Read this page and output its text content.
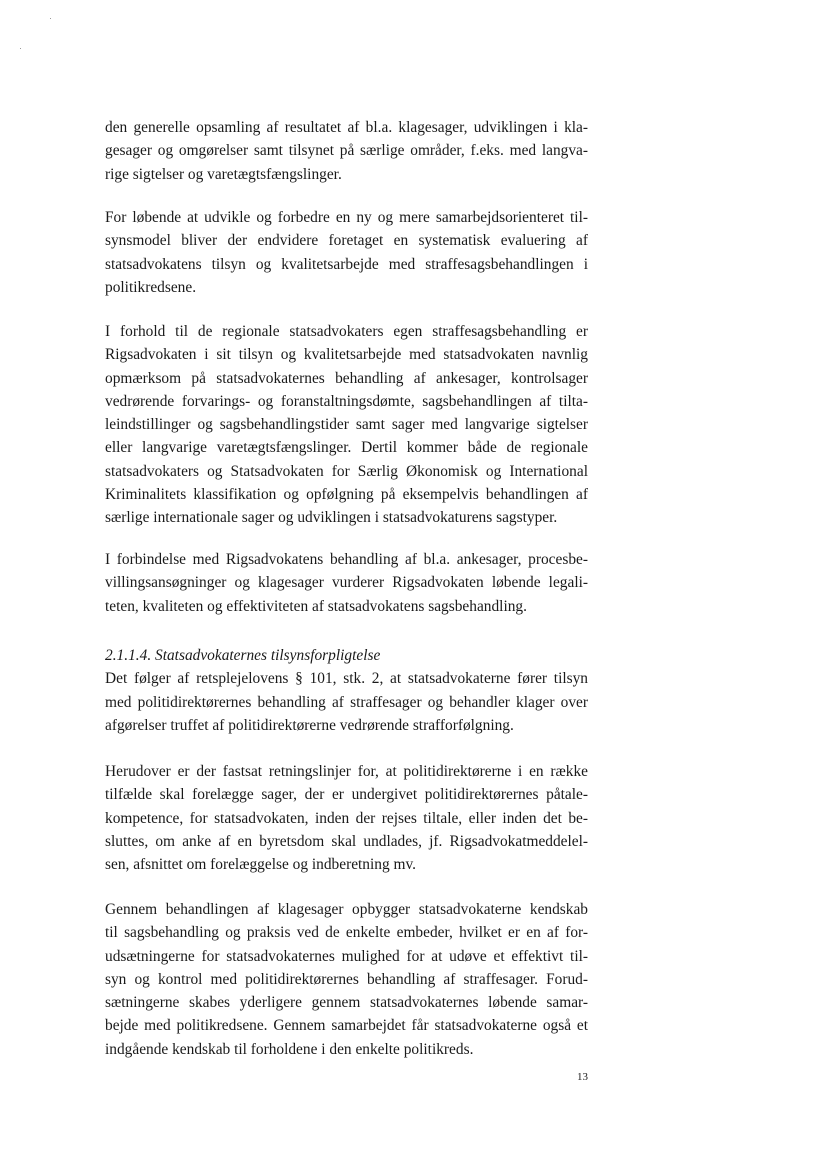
den generelle opsamling af resultatet af bl.a. klagesager, udviklingen i kla-
gesager og omgørelser samt tilsynet på særlige områder, f.eks. med langva-
rige sigtelser og varetægtsfængslinger.
For løbende at udvikle og forbedre en ny og mere samarbejdsorienteret til-
synsmodel bliver der endvidere foretaget en systematisk evaluering af
statsadvokatens tilsyn og kvalitetsarbejde med straffesagsbehandlingen i
politikredsene.
I forhold til de regionale statsadvokaters egen straffesagsbehandling er
Rigsadvokaten i sit tilsyn og kvalitetsarbejde med statsadvokaten navnlig
opmærksom på statsadvokaternes behandling af ankesager, kontrolsager
vedrørende forvarings- og foranstaltningsdømte, sagsbehandlingen af tilta-
leindstillinger og sagsbehandlingstider samt sager med langvarige sigtelser
eller langvarige varetægtsfængslinger. Dertil kommer både de regionale
statsadvokaters og Statsadvokaten for Særlig Økonomisk og International
Kriminalitets klassifikation og opfølgning på eksempelvis behandlingen af
særlige internationale sager og udviklingen i statsadvokaturens sagstyper.
I forbindelse med Rigsadvokatens behandling af bl.a. ankesager, procesbe-
villingsansøgninger og klagesager vurderer Rigsadvokaten løbende legali-
teten, kvaliteten og effektiviteten af statsadvokatens sagsbehandling.
2.1.1.4. Statsadvokaternes tilsynsforpligtelse
Det følger af retsplejelovens § 101, stk. 2, at statsadvokaterne fører tilsyn
med politidirektørernes behandling af straffesager og behandler klager over
afgørelser truffet af politidirektørerne vedrørende strafforfølgning.
Herudover er der fastsat retningslinjer for, at politidirektørerne i en række
tilfælde skal forelægge sager, der er undergivet politidirektørernes påtale-
kompetence, for statsadvokaten, inden der rejses tiltale, eller inden det be-
sluttes, om anke af en byretsdom skal undlades, jf. Rigsadvokatmeddelel-
sen, afsnittet om forelæggelse og indberetning mv.
Gennem behandlingen af klagesager opbygger statsadvokaterne kendskab
til sagsbehandling og praksis ved de enkelte embeder, hvilket er en af for-
udsætningerne for statsadvokaternes mulighed for at udøve et effektivt til-
syn og kontrol med politidirektørernes behandling af straffesager. Forud-
sætningerne skabes yderligere gennem statsadvokaternes løbende samar-
bejde med politikredsene. Gennem samarbejdet får statsadvokaterne også et
indgående kendskab til forholdene i den enkelte politikreds.
13
